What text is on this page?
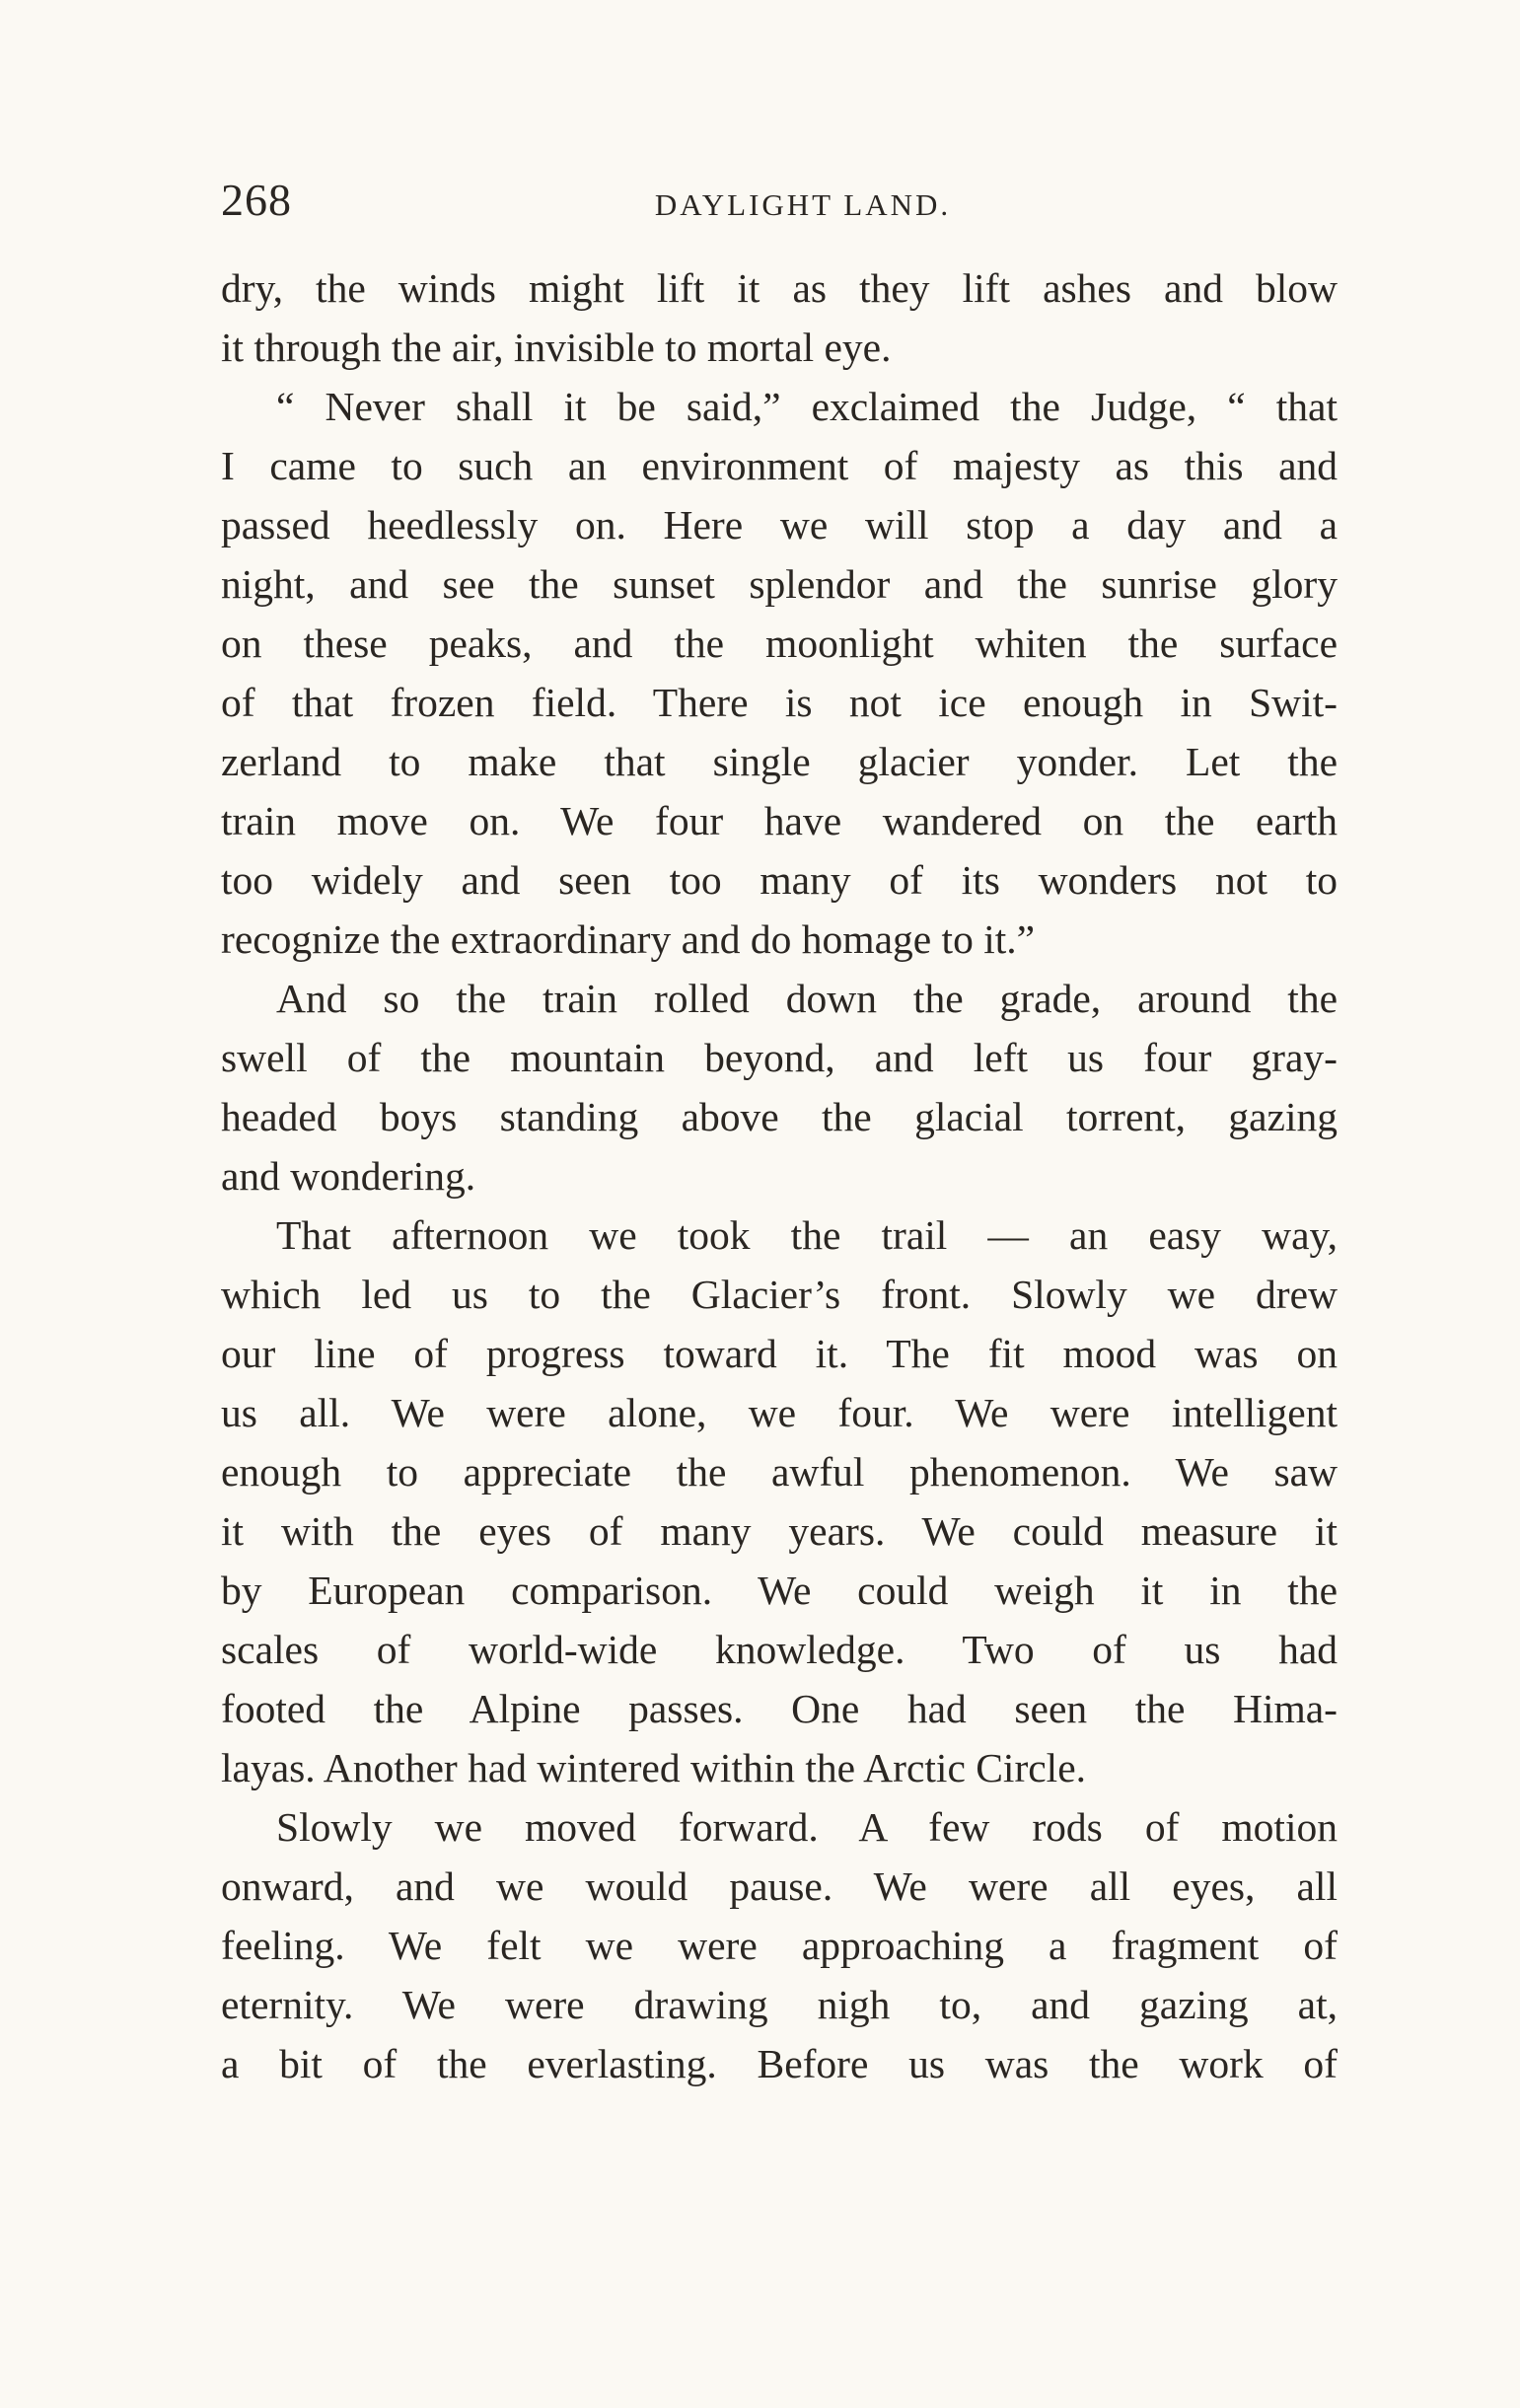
268	DAYLIGHT LAND.
dry, the winds might lift it as they lift ashes and blow
it through the air, invisible to mortal eye.
“ Never shall it be said,” exclaimed the Judge, “ that
I came to such an environment of majesty as this and
passed heedlessly on. Here we will stop a day and a
night, and see the sunset splendor and the sunrise glory
on these peaks, and the moonlight whiten the surface
of that frozen field. There is not ice enough in Swit-
zerland to make that single glacier yonder. Let the
train move on. We four have wandered on the earth
too widely and seen too many of its wonders not to
recognize the extraordinary and do homage to it.”
And so the train rolled down the grade, around the
swell of the mountain beyond, and left us four gray-
headed boys standing above the glacial torrent, gazing
and wondering.
That afternoon we took the trail — an easy way,
which led us to the Glacier’s front. Slowly we drew
our line of progress toward it. The fit mood was on
us all. We were alone, we four. We were intelligent
enough to appreciate the awful phenomenon. We saw
it with the eyes of many years. We could measure it
by European comparison. We could weigh it in the
scales of world-wide knowledge. Two of us had
footed the Alpine passes. One had seen the Hima-
layas. Another had wintered within the Arctic Circle.
Slowly we moved forward. A few rods of motion
onward, and we would pause. We were all eyes, all
feeling. We felt we were approaching a fragment of
eternity. We were drawing nigh to, and gazing at,
a bit of the everlasting. Before us was the work of
